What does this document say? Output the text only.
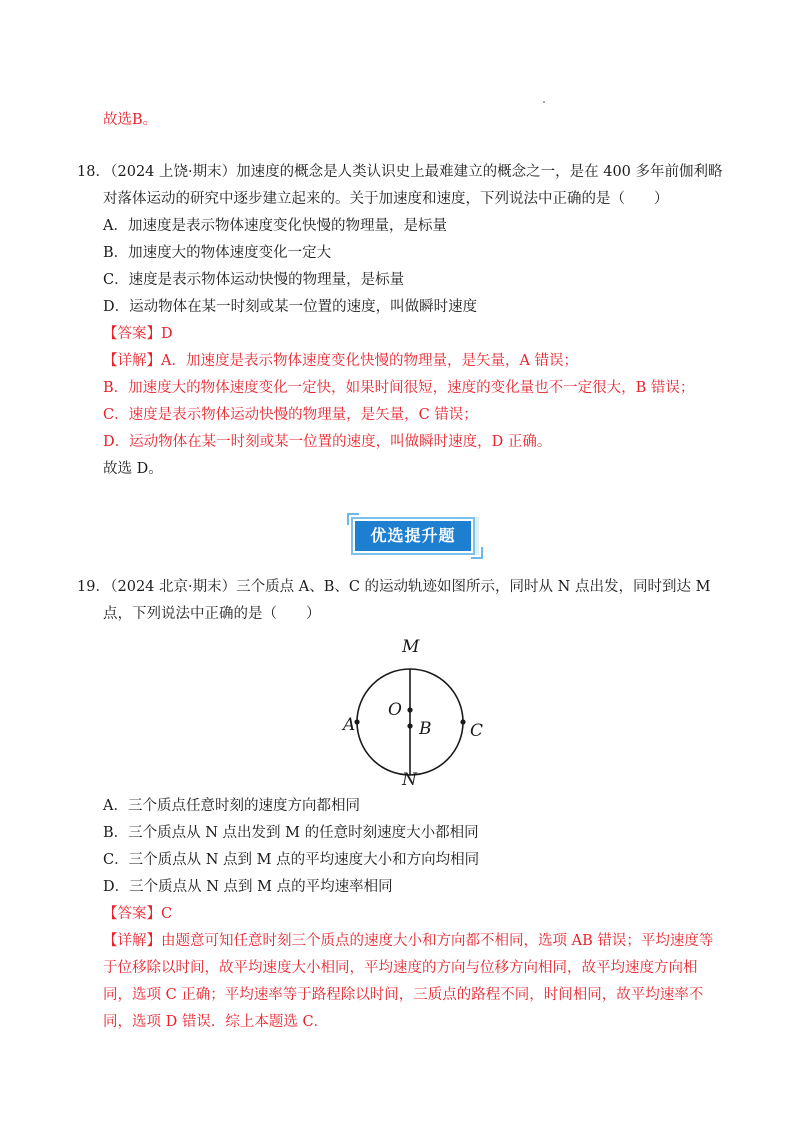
故选B。
18．
（2024 上饶·期末）加速度的概念是人类认识史上最难建立的概念之一，是在 400 多年前伽利略
对落体运动的研究中逐步建立起来的。关于加速度和速度，下列说法中正确的是（　　）
A．加速度是表示物体速度变化快慢的物理量，是标量
B．加速度大的物体速度变化一定大
C．速度是表示物体运动快慢的物理量，是标量
D．运动物体在某一时刻或某一位置的速度，叫做瞬时速度
【答案】D
【详解】A．加速度是表示物体速度变化快慢的物理量，是矢量，A 错误；
B．加速度大的物体速度变化一定快，如果时间很短，速度的变化量也不一定很大，B 错误；
C．速度是表示物体运动快慢的物理量，是矢量，C 错误；
D．运动物体在某一时刻或某一位置的速度，叫做瞬时速度，D 正确。
故选 D。
优选提升题
19．
（2024 北京·期末）三个质点 A、B、C 的运动轨迹如图所示，同时从 N 点出发，同时到达 M
点，下列说法中正确的是（　　）
M
N
O
B
A	C
A．三个质点任意时刻的速度方向都相同
B．三个质点从 N 点出发到 M 的任意时刻速度大小都相同
C．三个质点从 N 点到 M 点的平均速度大小和方向均相同
D．三个质点从 N 点到 M 点的平均速率相同
【答案】C
【详解】由题意可知任意时刻三个质点的速度大小和方向都不相同，选项 AB 错误；平均速度等
于位移除以时间，故平均速度大小相同，平均速度的方向与位移方向相同，故平均速度方向相
同，选项 C 正确；平均速率等于路程除以时间，三质点的路程不同，时间相同，故平均速率不
同，选项 D 错误．综上本题选 C．
